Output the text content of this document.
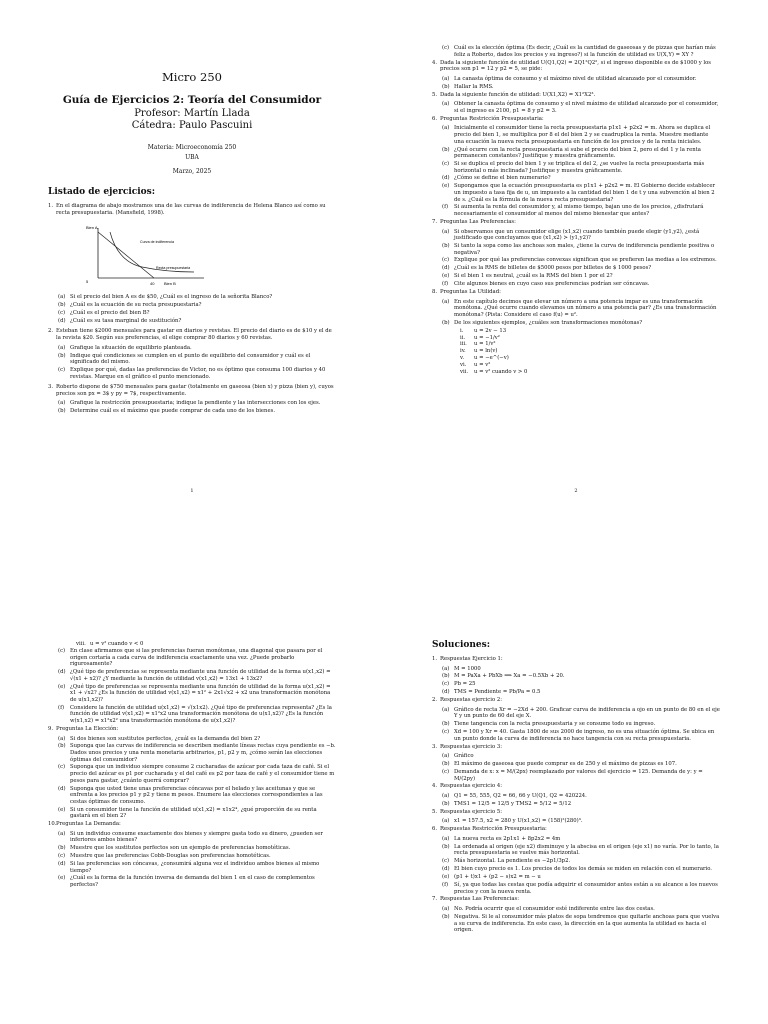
Micro 250
Guía de Ejercicios 2: Teoría del Consumidor
Profesor: Martín Llada
Cátedra: Paulo Pascuini
Materia: Microeconomía 250
UBA
Marzo, 2025
Listado de ejercicios:
1. En el diagrama de abajo mostramos una de las curvas de indiferencia de Helena Blanco así como su recta presupuestaria. (Mansfield, 1998).
Bien A
Curva de indiferencia
Recta presupuestaria
Bien B
5	40
(a) Si el precio del bien A es de $50, ¿Cuál es el ingreso de la señorita Blanco?
(b) ¿Cuál es la ecuación de su recta presupuestaria?
(c) ¿Cuál es el precio del bien B?
(d) ¿Cuál es su tasa marginal de sustitución?
2. Esteban tiene $2000 mensuales para gastar en diarios y revistas. El precio del diario es de $10 y el de la revista $20. Según sus preferencias, el elige comprar 80 diarios y 60 revistas.
(a) Grafique la situación de equilibrio planteada.
(b) Indique qué condiciones se cumplen en el punto de equilibrio del consumidor y cuál es el significado del mismo.
(c) Explique por qué, dadas las preferencias de Victor, no es óptimo que consuma 100 diarios y 40 revistas. Marque en el gráfico el punto mencionado.
3. Roberto dispone de $750 mensuales para gastar (totalmente en gaseosa (bien x) y pizza (bien y), cuyos precios son px = 3$ y py = 7$, respectivamente.
(a) Grafique la restricción presupuestaria; indique la pendiente y las intersecciones con los ejes.
(b) Determine cuál es el máximo que puede comprar de cada uno de los bienes.
1
(c) Cuál es la elección óptima (Es decir, ¿Cuál es la cantidad de gaseosas y de pizzas que harían más feliz a Roberto, dados los precios y su ingreso?) si la función de utilidad es U(X,Y) = XY ?
4. Dada la siguiente función de utilidad U(Q1,Q2) = 2Q1²Q2², si el ingreso disponible es de $1000 y los precios son p1 = 12 y p2 = 5, se pide:
(a) La canasta óptima de consumo y el máximo nivel de utilidad alcanzado por el consumidor.
(b) Hallar la RMS.
5. Dada la siguiente función de utilidad: U(X1,X2) = X1²X2³.
(a) Obtener la canasta óptima de consumo y el nivel máximo de utilidad alcanzado por el consumidor, si el ingreso es 2100, p1 = 8 y p2 = 3.
6. Preguntas Restricción Presupuestaria:
(a) Inicialmente el consumidor tiene la recta presupuestaria p1x1 + p2x2 = m. Ahora se duplica el precio del bien 1, se multiplica por 8 el del bien 2 y se cuadruplica la renta. Muestre mediante una ecuación la nueva recta presupuestaria en función de los precios y de la renta iniciales.
(b) ¿Qué ocurre con la recta presupuestaria si sube el precio del bien 2, pero el del 1 y la renta permanecen constantes? Justifique y muestra gráficamente.
(c) Si se duplica el precio del bien 1 y se triplica el del 2, ¿se vuelve la recta presupuestaria más horizontal o más inclinada? Justifique y muestra gráficamente.
(d) ¿Cómo se define el bien numerario?
(e) Supongamos que la ecuación presupuestaria es p1x1 + p2x2 = m. El Gobierno decide establecer un impuesto a tasa fija de u, un impuesto a la cantidad del bien 1 de t y una subvención al bien 2 de s. ¿Cuál es la fórmula de la nueva recta presupuestaria?
(f) Si aumenta la renta del consumidor y, al mismo tiempo, bajan uno de los precios, ¿disfrutará necesariamente el consumidor al menos del mismo bienestar que antes?
7. Preguntas Las Preferencias:
(a) Si observamos que un consumidor elige (x1,x2) cuando también puede elegir (y1,y2), ¿está justificado que concluyamos que (x1,x2) ≻ (y1,y2)?
(b) Si tanto la sopa como las anchoas son males, ¿tiene la curva de indiferencia pendiente positiva o negativa?
(c) Explique por qué las preferencias convexas significan que se prefieren las medias a los extremos.
(d) ¿Cuál es la RMS de billetes de $5000 pesos por billetes de $ 1000 pesos?
(e) Si el bien 1 es neutral, ¿cuál es la RMS del bien 1 por el 2?
(f) Cite algunos bienes en cuyo caso sus preferencias podrían ser cóncavas.
8. Preguntas La Utilidad:
(a) En este capítulo decimos que elevar un número a una potencia impar es una transformación monótona. ¿Qué ocurre cuando elevamos un número a una potencia par? ¿Es una transformación monótona? (Pista: Considere el caso f(u) = u².
(b) De los siguientes ejemplos, ¿cuáles son transformaciones monótonas?
i. u = 2v − 13
ii. u = −1/v²
iii. u = 1/v²
iv. u = ln(v)
v. u = −e^(−v)
vi. u = v²
vii. u = v² cuando v > 0
2
viii. u = v² cuando v < 0
(c) En clase afirmamos que si las preferencias fueran monótonas, una diagonal que pasara por el origen cortaría a cada curva de indiferencia exactamente una vez. ¿Puede probarlo rigurosamente?
(d) ¿Qué tipo de preferencias se representa mediante una función de utilidad de la forma u(x1,x2) = √(x1 + x2)? ¿Y mediante la función de utilidad v(x1,x2) = 13x1 + 13x2?
(e) ¿Qué tipo de preferencias se representa mediante una función de utilidad de la forma u(x1,x2) = x1 + √x2? ¿Es la función de utilidad v(x1,x2) = x1² + 2x1√x2 + x2 una transformación monótona de u(x1,x2)?
(f) Considere la función de utilidad u(x1,x2) = √(x1x2). ¿Qué tipo de preferencias representa? ¿Es la función de utilidad v(x1,x2) = x1²x2 una transformación monótona de u(x1,x2)? ¿Es la función w(x1,x2) = x1²x2² una transformación monótona de u(x1,x2)?
9. Preguntas La Elección:
(a) Si dos bienes son sustitutos perfectos, ¿cuál es la demanda del bien 2?
(b) Suponga que las curvas de indiferencia se describen mediante líneas rectas cuya pendiente es −b. Dados unos precios y una renta monetaria arbitrarios, p1, p2 y m, ¿cómo serán las elecciones óptimas del consumidor?
(c) Suponga que un individuo siempre consume 2 cucharadas de azúcar por cada taza de café. Si el precio del azúcar es p1 por cucharada y el del café es p2 por taza de café y el consumidor tiene m pesos para gastar, ¿cuánto querrá comprar?
(d) Suponga que usted tiene unas preferencias cóncavas por el helado y las aceitunas y que se enfrenta a los precios p1 y p2 y tiene m pesos. Enumere las elecciones correspondientes a las cestas óptimas de consumo.
(e) Si un consumidor tiene la función de utilidad u(x1,x2) = x1x2⁴, ¿qué proporción de su renta gastará en el bien 2?
10. Preguntas La Demanda:
(a) Si un individuo consume exactamente dos bienes y siempre gasta todo su dinero, ¿pueden ser inferiores ambos bienes?
(b) Muestre que los sustitutos perfectos son un ejemplo de preferencias homotéticas.
(c) Muestre que las preferencias Cobb-Douglas son preferencias homotéticas.
(d) Si las preferencias son cóncavas, ¿consumirá alguna vez el individuo ambos bienes al mismo tiempo?
(e) ¿Cuál es la forma de la función inversa de demanda del bien 1 en el caso de complementos perfectos?
Soluciones:
1. Respuestas Ejercicio 1:
(a) M = 1000
(b) M = PaXa + PbXb ⟹ Xa = −0.5Xb + 20.
(c) Pb = 25
(d) TMS = Pendiente = Pb/Pa = 0.5
2. Respuestas ejercicio 2:
(a) Gráfico de recta Xr = −2Xd + 200. Graficar curva de indiferencia a ojo en un punto de 80 en el eje Y y un punto de 60 del eje X.
(b) Tiene tangencia con la recta presupuestaria y se consume todo su ingreso.
(c) Xd = 100 y Xr = 40. Gasta 1800 de sus 2000 de ingreso, no es una situación óptima. Se ubica en un punto donde la curva de indiferencia no hace tangencia con su recta presupuestaria.
3. Respuestas ejercicio 3:
(a) Gráfico
(b) El máximo de gaseosa que puede comprar es de 250 y el máximo de pizzas es 107.
(c) Demanda de x: x = M/(2px) reemplazado por valores del ejercicio = 125. Demanda de y: y = M/(2py)
4. Respuestas ejercicio 4:
(a) Q1 = 55, 555, Q2 = 66, 66 y U(Q1, Q2 = 420224.
(b) TMS1 = 12/5 = 12/5 y TMS2 = 5/12 = 5/12
5. Respuestas ejercicio 5:
(a) x1 = 157.5, x2 = 280 y U(x1,x2) = (158)²(280)³.
6. Respuestas Restricción Presupuestaria:
(a) La nueva recta es 2p1x1 + 8p2x2 = 4m
(b) La ordenada al origen (eje x2) disminuye y la abscisa en el origen (eje x1) no varía. Por lo tanto, la recta presupuestaria se vuelve más horizontal.
(c) Más horizontal. La pendiente es −2p1/3p2.
(d) El bien cuyo precio es 1. Los precios de todos los demás se miden en relación con el numerario.
(e) (p1 + t)x1 + (p2 − s)x2 = m − u
(f) Sí, ya que todas las cestas que podía adquirir el consumidor antes están a su alcance a los nuevos precios y con la nueva renta.
7. Respuestas Las Preferencias:
(a) No. Podría ocurrir que el consumidor esté indiferente entre las dos cestas.
(b) Negativa. Si le al consumidor más platos de sopa tendremos que quitarle anchoas para que vuelva a su curva de indiferencia. En este caso, la dirección en la que aumenta la utilidad es hacia el origen.
